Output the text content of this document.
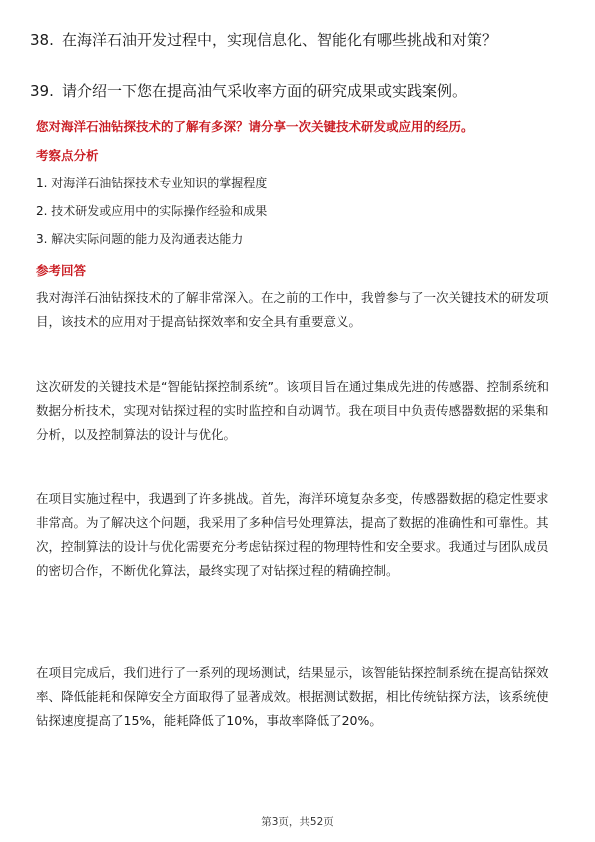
38. 在海洋石油开发过程中，实现信息化、智能化有哪些挑战和对策？
39. 请介绍一下您在提高油气采收率方面的研究成果或实践案例。
您对海洋石油钻探技术的了解有多深？请分享一次关键技术研发或应用的经历。
考察点分析
1. 对海洋石油钻探技术专业知识的掌握程度
2. 技术研发或应用中的实际操作经验和成果
3. 解决实际问题的能力及沟通表达能力
参考回答
我对海洋石油钻探技术的了解非常深入。在之前的工作中，我曾参与了一次关键技术的研发项目，该技术的应用对于提高钻探效率和安全具有重要意义。
这次研发的关键技术是“智能钻探控制系统”。该项目旨在通过集成先进的传感器、控制系统和数据分析技术，实现对钻探过程的实时监控和自动调节。我在项目中负责传感器数据的采集和分析，以及控制算法的设计与优化。
在项目实施过程中，我遇到了许多挑战。首先，海洋环境复杂多变，传感器数据的稳定性要求非常高。为了解决这个问题，我采用了多种信号处理算法，提高了数据的准确性和可靠性。其次，控制算法的设计与优化需要充分考虑钻探过程的物理特性和安全要求。我通过与团队成员的密切合作，不断优化算法，最终实现了对钻探过程的精确控制。
在项目完成后，我们进行了一系列的现场测试，结果显示，该智能钻探控制系统在提高钻探效率、降低能耗和保障安全方面取得了显著成效。根据测试数据，相比传统钻探方法，该系统使钻探速度提高了15%，能耗降低了10%，事故率降低了20%。
第3页，共52页
